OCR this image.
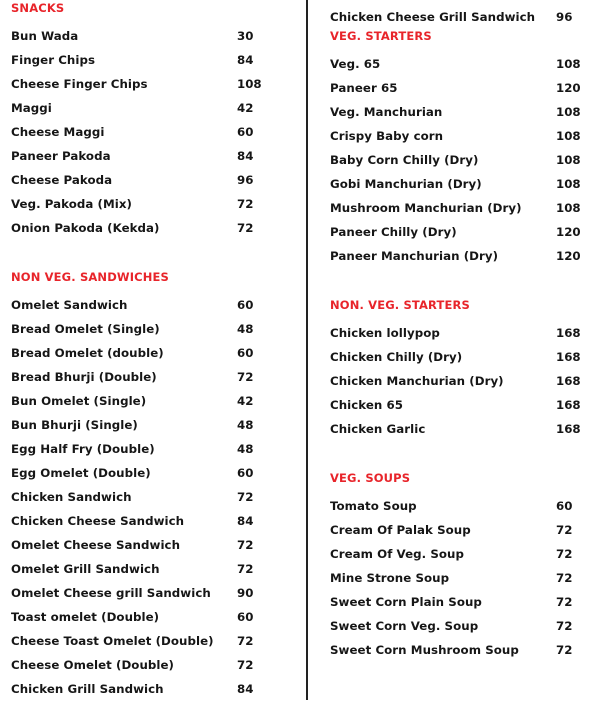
SNACKS
Bun Wada	30
Finger Chips	84
Cheese Finger Chips	108
Maggi	42
Cheese Maggi	60
Paneer Pakoda	84
Cheese Pakoda	96
Veg. Pakoda (Mix)	72
Onion Pakoda (Kekda)	72
NON VEG. SANDWICHES
Omelet Sandwich	60
Bread Omelet (Single)	48
Bread Omelet (double)	60
Bread Bhurji (Double)	72
Bun Omelet (Single)	42
Bun Bhurji (Single)	48
Egg Half Fry (Double)	48
Egg Omelet (Double)	60
Chicken Sandwich	72
Chicken Cheese Sandwich	84
Omelet Cheese Sandwich	72
Omelet Grill Sandwich	72
Omelet Cheese grill Sandwich 90
Toast omelet (Double)	60
Cheese Toast Omelet (Double) 72
Cheese Omelet (Double)	72
Chicken Grill Sandwich	84
Chicken Cheese Grill Sandwich 96
VEG. STARTERS
Veg. 65	108
Paneer 65	120
Veg. Manchurian	108
Crispy Baby corn	108
Baby Corn Chilly (Dry)	108
Gobi Manchurian (Dry)	108
Mushroom Manchurian (Dry)	108
Paneer Chilly (Dry)	120
Paneer Manchurian (Dry)	120
NON. VEG. STARTERS
Chicken lollypop	168
Chicken Chilly (Dry)	168
Chicken Manchurian (Dry)	168
Chicken 65	168
Chicken Garlic	168
VEG. SOUPS
Tomato Soup	60
Cream Of Palak Soup	72
Cream Of Veg. Soup	72
Mine Strone Soup	72
Sweet Corn Plain Soup	72
Sweet Corn Veg. Soup	72
Sweet Corn Mushroom Soup	72
